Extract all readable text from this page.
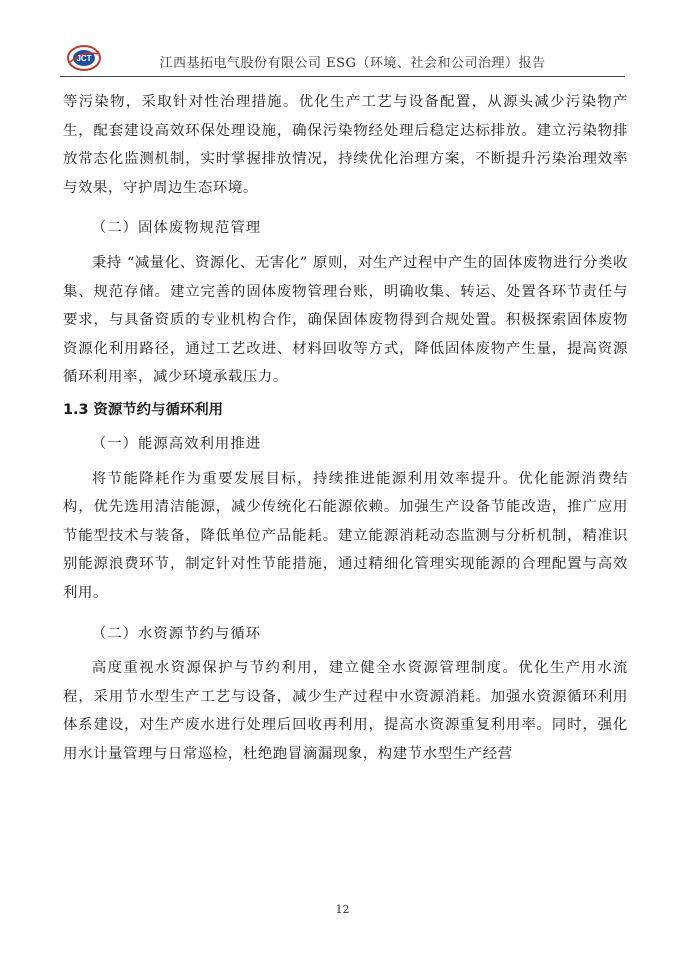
JCT	江西基拓电气股份有限公司 ESG（环境、社会和公司治理）报告

等污染物，采取针对性治理措施。优化生产工艺与设备配置，从源头减少污染物产生，配套建设高效环保处理设施，确保污染物经处理后稳定达标排放。建立污染物排放常态化监测机制，实时掌握排放情况，持续优化治理方案，不断提升污染治理效率与效果，守护周边生态环境。

（二）固体废物规范管理

秉持 “减量化、资源化、无害化” 原则，对生产过程中产生的固体废物进行分类收集、规范存储。建立完善的固体废物管理台账，明确收集、转运、处置各环节责任与要求，与具备资质的专业机构合作，确保固体废物得到合规处置。积极探索固体废物资源化利用路径，通过工艺改进、材料回收等方式，降低固体废物产生量，提高资源循环利用率，减少环境承载压力。

1.3 资源节约与循环利用
（一）能源高效利用推进

将节能降耗作为重要发展目标，持续推进能源利用效率提升。优化能源消费结构，优先选用清洁能源，减少传统化石能源依赖。加强生产设备节能改造，推广应用节能型技术与装备，降低单位产品能耗。建立能源消耗动态监测与分析机制，精准识别能源浪费环节，制定针对性节能措施，通过精细化管理实现能源的合理配置与高效利用。

（二）水资源节约与循环

高度重视水资源保护与节约利用，建立健全水资源管理制度。优化生产用水流程，采用节水型生产工艺与设备，减少生产过程中水资源消耗。加强水资源循环利用体系建设，对生产废水进行处理后回收再利用，提高水资源重复利用率。同时，强化用水计量管理与日常巡检，杜绝跑冒滴漏现象，构建节水型生产经营

12
